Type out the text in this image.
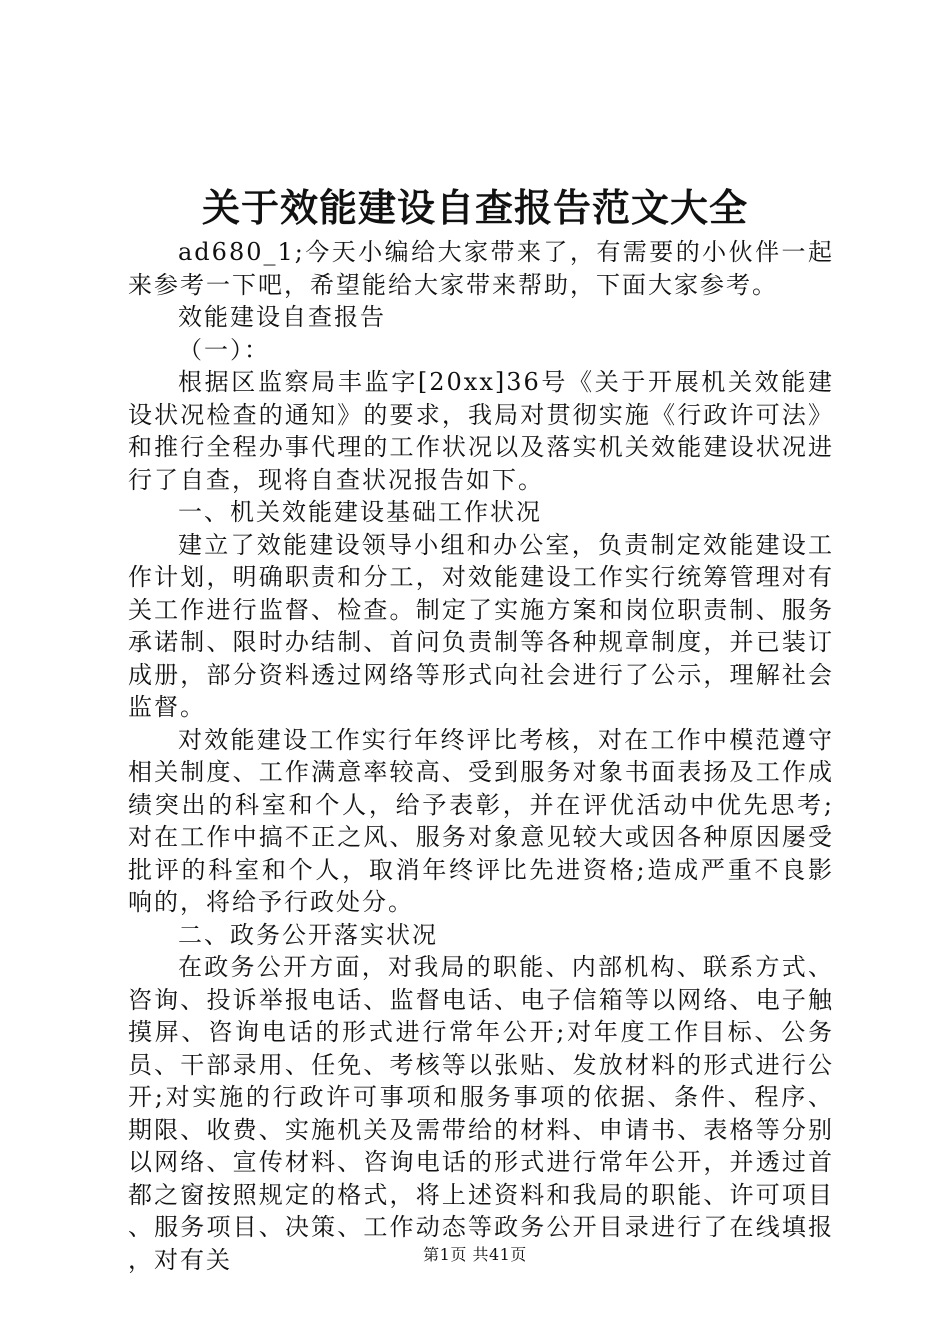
关于效能建设自查报告范文大全

ad680_1;今天小编给大家带来了，有需要的小伙伴一起来参考一下吧，希望能给大家带来帮助，下面大家参考。

效能建设自查报告

（一）：

根据区监察局丰监字[20xx]36号《关于开展机关效能建设状况检查的通知》的要求，我局对贯彻实施《行政许可法》和推行全程办事代理的工作状况以及落实机关效能建设状况进行了自查，现将自查状况报告如下。

一、机关效能建设基础工作状况

建立了效能建设领导小组和办公室，负责制定效能建设工作计划，明确职责和分工，对效能建设工作实行统筹管理对有关工作进行监督、检查。制定了实施方案和岗位职责制、服务承诺制、限时办结制、首问负责制等各种规章制度，并已装订成册，部分资料透过网络等形式向社会进行了公示，理解社会监督。

对效能建设工作实行年终评比考核，对在工作中模范遵守相关制度、工作满意率较高、受到服务对象书面表扬及工作成绩突出的科室和个人，给予表彰，并在评优活动中优先思考;对在工作中搞不正之风、服务对象意见较大或因各种原因屡受批评的科室和个人，取消年终评比先进资格;造成严重不良影响的，将给予行政处分。

二、政务公开落实状况

在政务公开方面，对我局的职能、内部机构、联系方式、咨询、投诉举报电话、监督电话、电子信箱等以网络、电子触摸屏、咨询电话的形式进行常年公开;对年度工作目标、公务员、干部录用、任免、考核等以张贴、发放材料的形式进行公开;对实施的行政许可事项和服务事项的依据、条件、程序、期限、收费、实施机关及需带给的材料、申请书、表格等分别以网络、宣传材料、咨询电话的形式进行常年公开，并透过首都之窗按照规定的格式，将上述资料和我局的职能、许可项目、服务项目、决策、工作动态等政务公开目录进行了在线填报，对有关	第1页 共41页
